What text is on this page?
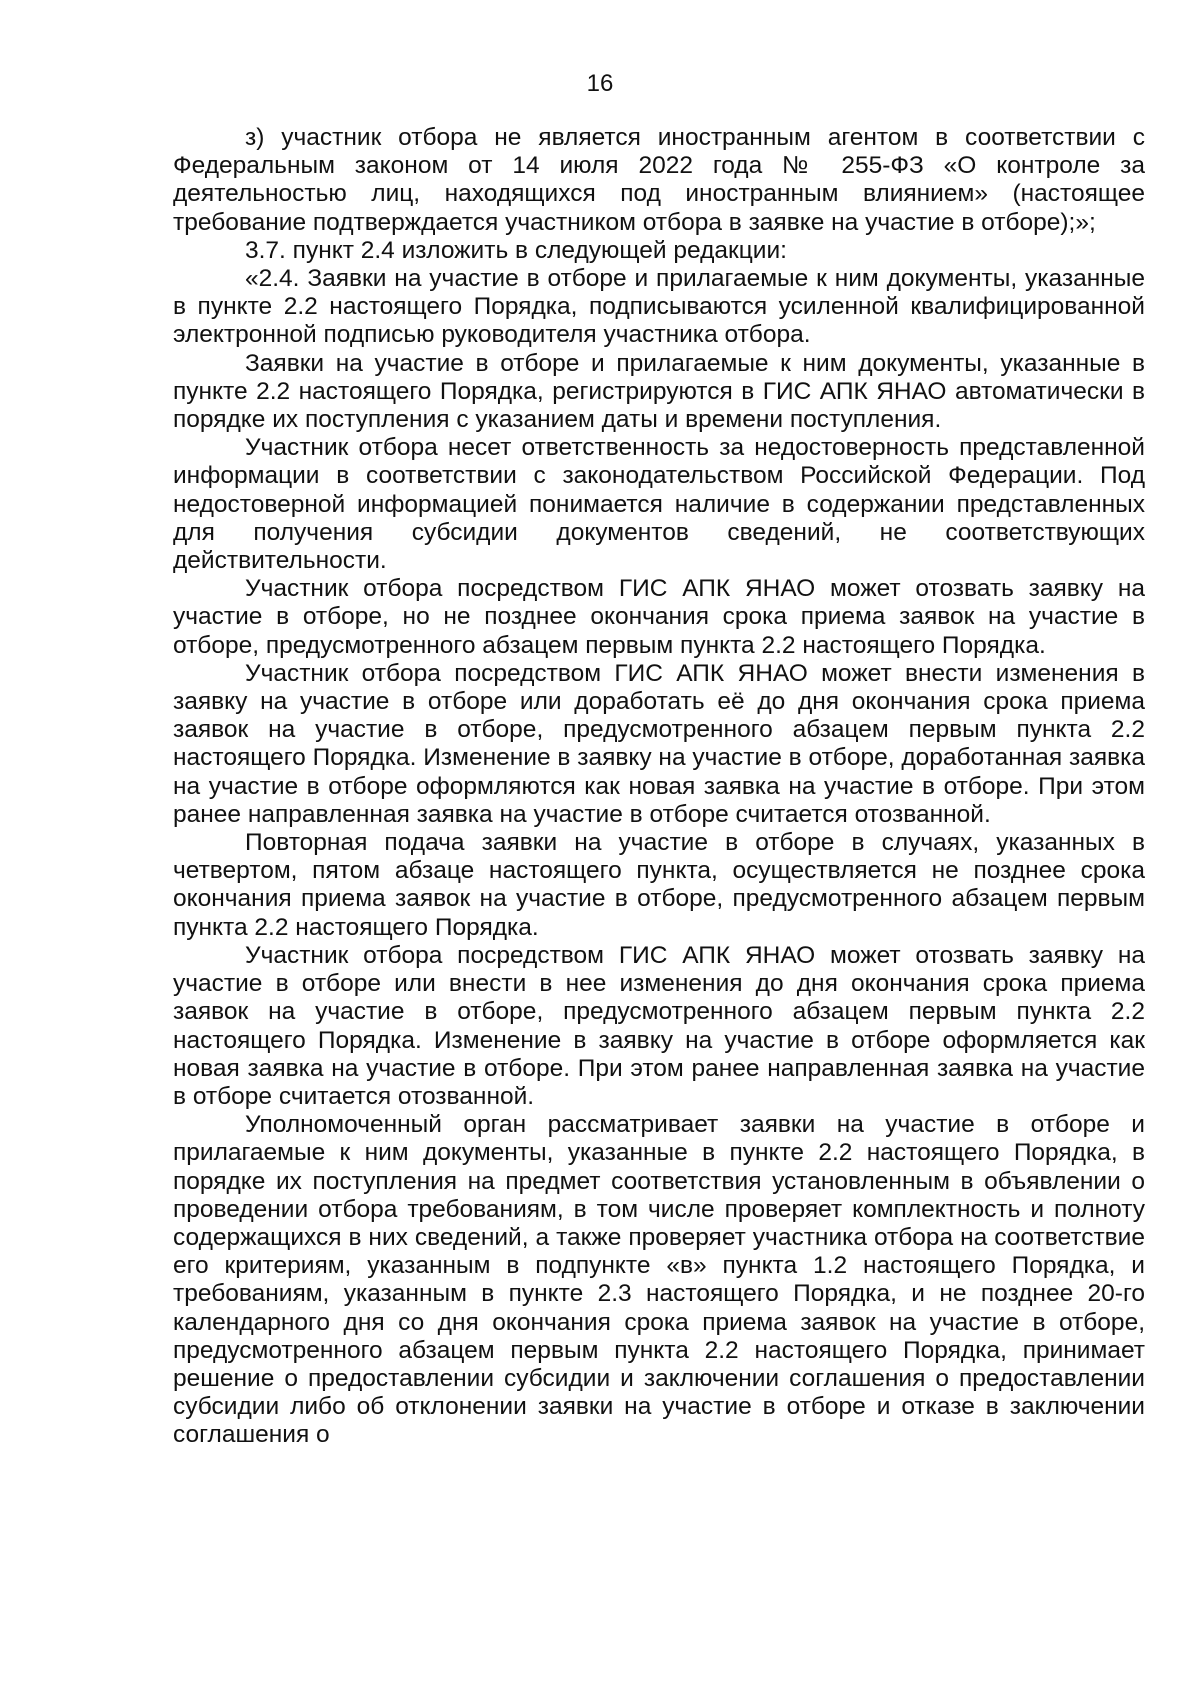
16

з) участник отбора не является иностранным агентом в соответствии с Федеральным законом от 14 июля 2022 года № 255-ФЗ «О контроле за деятельностью лиц, находящихся под иностранным влиянием» (настоящее требование подтверждается участником отбора в заявке на участие в отборе);»;

3.7. пункт 2.4 изложить в следующей редакции:

«2.4. Заявки на участие в отборе и прилагаемые к ним документы, указанные в пункте 2.2 настоящего Порядка, подписываются усиленной квалифицированной электронной подписью руководителя участника отбора.

Заявки на участие в отборе и прилагаемые к ним документы, указанные в пункте 2.2 настоящего Порядка, регистрируются в ГИС АПК ЯНАО автоматически в порядке их поступления с указанием даты и времени поступления.

Участник отбора несет ответственность за недостоверность представленной информации в соответствии с законодательством Российской Федерации. Под недостоверной информацией понимается наличие в содержании представленных для получения субсидии документов сведений, не соответствующих действительности.

Участник отбора посредством ГИС АПК ЯНАО может отозвать заявку на участие в отборе, но не позднее окончания срока приема заявок на участие в отборе, предусмотренного абзацем первым пункта 2.2 настоящего Порядка.

Участник отбора посредством ГИС АПК ЯНАО может внести изменения в заявку на участие в отборе или доработать её до дня окончания срока приема заявок на участие в отборе, предусмотренного абзацем первым пункта 2.2 настоящего Порядка. Изменение в заявку на участие в отборе, доработанная заявка на участие в отборе оформляются как новая заявка на участие в отборе. При этом ранее направленная заявка на участие в отборе считается отозванной.

Повторная подача заявки на участие в отборе в случаях, указанных в четвертом, пятом абзаце настоящего пункта, осуществляется не позднее срока окончания приема заявок на участие в отборе, предусмотренного абзацем первым пункта 2.2 настоящего Порядка.

Участник отбора посредством ГИС АПК ЯНАО может отозвать заявку на участие в отборе или внести в нее изменения до дня окончания срока приема заявок на участие в отборе, предусмотренного абзацем первым пункта 2.2 настоящего Порядка. Изменение в заявку на участие в отборе оформляется как новая заявка на участие в отборе. При этом ранее направленная заявка на участие в отборе считается отозванной.

Уполномоченный орган рассматривает заявки на участие в отборе и прилагаемые к ним документы, указанные в пункте 2.2 настоящего Порядка, в порядке их поступления на предмет соответствия установленным в объявлении о проведении отбора требованиям, в том числе проверяет комплектность и полноту содержащихся в них сведений, а также проверяет участника отбора на соответствие его критериям, указанным в подпункте «в» пункта 1.2 настоящего Порядка, и требованиям, указанным в пункте 2.3 настоящего Порядка, и не позднее 20-го календарного дня со дня окончания срока приема заявок на участие в отборе, предусмотренного абзацем первым пункта 2.2 настоящего Порядка, принимает решение о предоставлении субсидии и заключении соглашения о предоставлении субсидии либо об отклонении заявки на участие в отборе и отказе в заключении соглашения о
